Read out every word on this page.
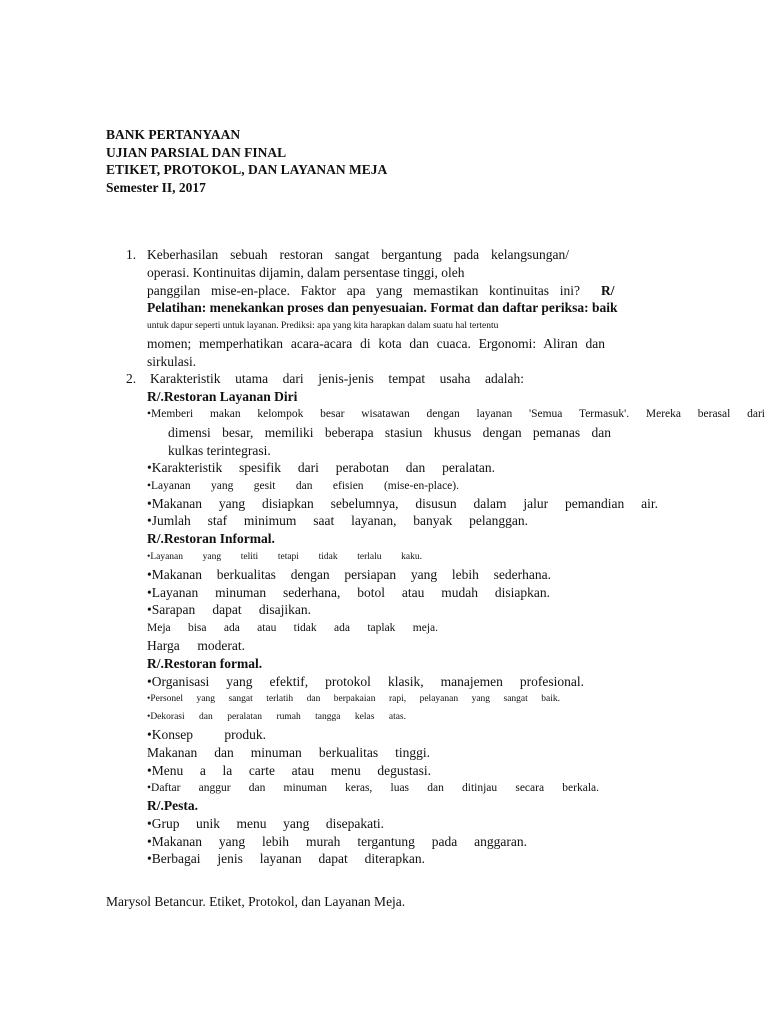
BANK PERTANYAAN
UJIAN PARSIAL DAN FINAL
ETIKET, PROTOKOL, DAN LAYANAN MEJA
Semester II, 2017
1. Keberhasilan sebuah restoran sangat bergantung pada kelangsungan/
operasi. Kontinuitas dijamin, dalam persentase tinggi, oleh
panggilan mise-en-place. Faktor apa yang memastikan kontinuitas ini? R/
Pelatihan: menekankan proses dan penyesuaian. Format dan daftar periksa: baik
untuk dapur seperti untuk layanan. Prediksi: apa yang kita harapkan dalam suatu hal tertentu
momen; memperhatikan acara-acara di kota dan cuaca. Ergonomi: Aliran dan
sirkulasi.
2. Karakteristik utama dari jenis-jenis tempat usaha adalah:
R/.Restoran Layanan Diri
•Memberi makan kelompok besar wisatawan dengan layanan 'Semua Termasuk'. Mereka berasal dari
dimensi besar, memiliki beberapa stasiun khusus dengan pemanas dan
kulkas terintegrasi.
•Karakteristik spesifik dari perabotan dan peralatan.
•Layanan yang gesit dan efisien (mise-en-place).
•Makanan yang disiapkan sebelumnya, disusun dalam jalur pemandian air.
•Jumlah staf minimum saat layanan, banyak pelanggan.
R/.Restoran Informal.
•Layanan yang teliti tetapi tidak terlalu kaku.
•Makanan berkualitas dengan persiapan yang lebih sederhana.
•Layanan minuman sederhana, botol atau mudah disiapkan.
•Sarapan dapat disajikan.
Meja bisa ada atau tidak ada taplak meja.
Harga moderat.
R/.Restoran formal.
•Organisasi yang efektif, protokol klasik, manajemen profesional.
•Personel yang sangat terlatih dan berpakaian rapi, pelayanan yang sangat baik.
•Dekorasi dan peralatan rumah tangga kelas atas.
•Konsep produk.
Makanan dan minuman berkualitas tinggi.
•Menu a la carte atau menu degustasi.
•Daftar anggur dan minuman keras, luas dan ditinjau secara berkala.
R/.Pesta.
•Grup unik menu yang disepakati.
•Makanan yang lebih murah tergantung pada anggaran.
•Berbagai jenis layanan dapat diterapkan.
Marysol Betancur. Etiket, Protokol, dan Layanan Meja.
